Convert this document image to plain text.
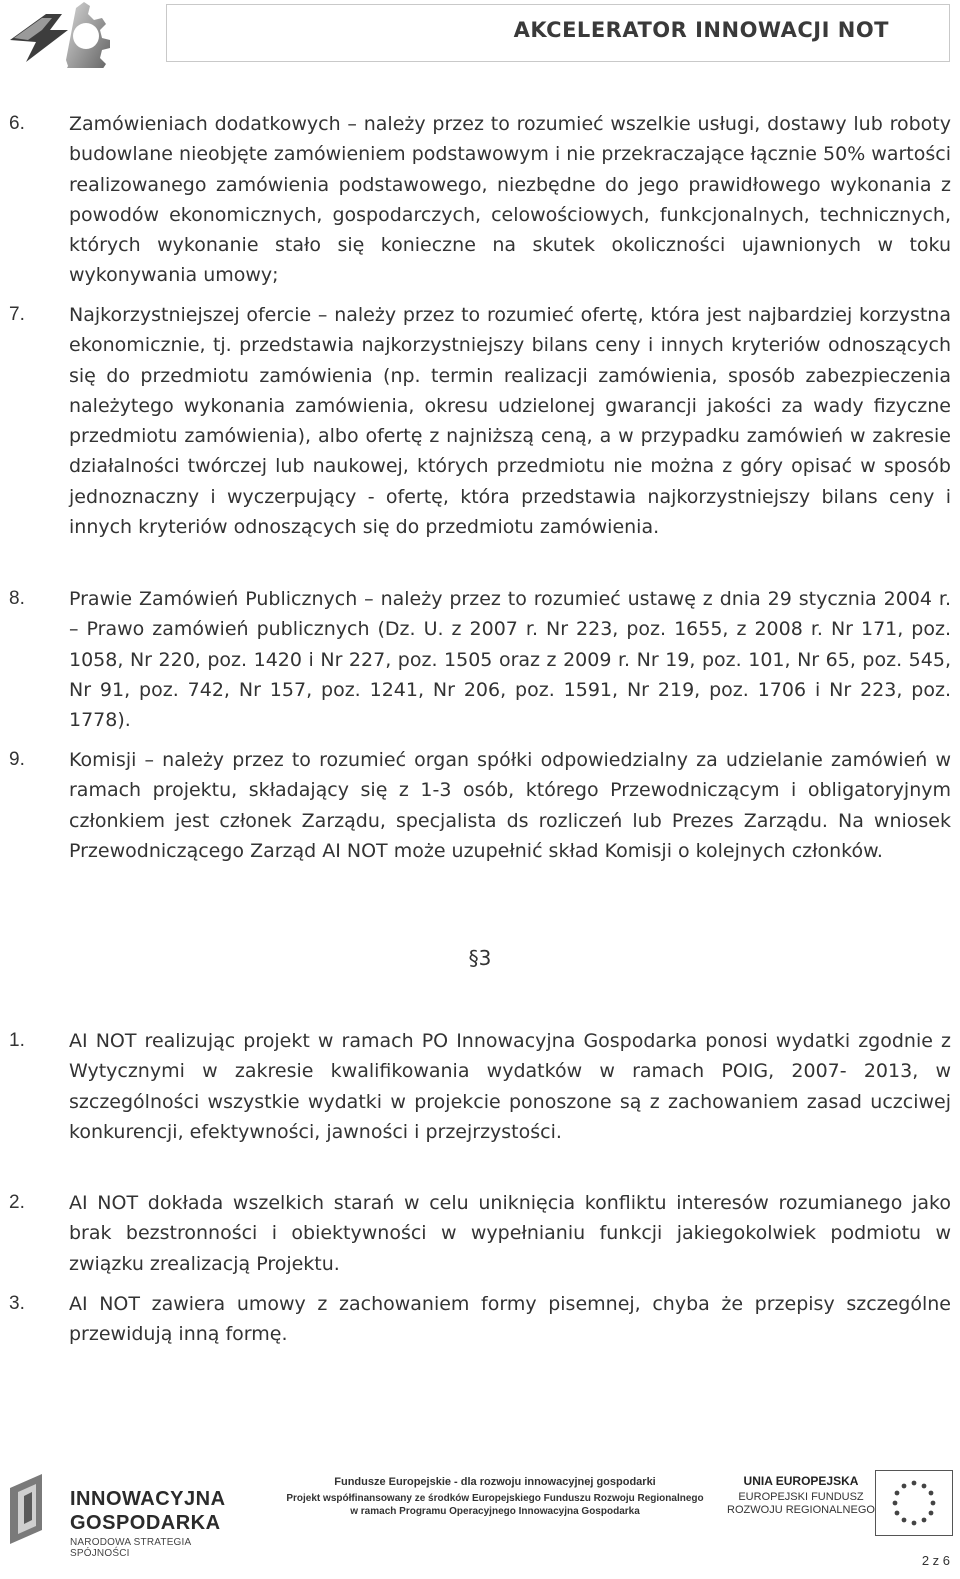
AKCELERATOR INNOWACJI NOT
6. Zamówieniach dodatkowych – należy przez to rozumieć wszelkie usługi, dostawy lub roboty budowlane nieobjęte zamówieniem podstawowym i nie przekraczające łącznie 50% wartości realizowanego zamówienia podstawowego, niezbędne do jego prawidłowego wykonania z powodów ekonomicznych, gospodarczych, celowościowych, funkcjonalnych, technicznych, których wykonanie stało się konieczne na skutek okoliczności ujawnionych w toku wykonywania umowy;
7. Najkorzystniejszej ofercie – należy przez to rozumieć ofertę, która jest najbardziej korzystna ekonomicznie, tj. przedstawia najkorzystniejszy bilans ceny i innych kryteriów odnoszących się do przedmiotu zamówienia (np. termin realizacji zamówienia, sposób zabezpieczenia należytego wykonania zamówienia, okresu udzielonej gwarancji jakości za wady fizyczne przedmiotu zamówienia), albo ofertę z najniższą ceną, a w przypadku zamówień w zakresie działalności twórczej lub naukowej, których przedmiotu nie można z góry opisać w sposób jednoznaczny i wyczerpujący - ofertę, która przedstawia najkorzystniejszy bilans ceny i innych kryteriów odnoszących się do przedmiotu zamówienia.
8. Prawie Zamówień Publicznych – należy przez to rozumieć ustawę z dnia 29 stycznia 2004 r. – Prawo zamówień publicznych (Dz. U. z 2007 r. Nr 223, poz. 1655, z 2008 r. Nr 171, poz. 1058, Nr 220, poz. 1420 i Nr 227, poz. 1505 oraz z 2009 r. Nr 19, poz. 101, Nr 65, poz. 545, Nr 91, poz. 742, Nr 157, poz. 1241, Nr 206, poz. 1591, Nr 219, poz. 1706 i Nr 223, poz. 1778).
9. Komisji – należy przez to rozumieć organ spółki odpowiedzialny za udzielanie zamówień w ramach projektu, składający się z 1-3 osób, którego Przewodniczącym i obligatoryjnym członkiem jest członek Zarządu, specjalista ds rozliczeń lub Prezes Zarządu. Na wniosek Przewodniczącego Zarząd AI NOT może uzupełnić skład Komisji o kolejnych członków.
§3
1. AI NOT realizując projekt w ramach PO Innowacyjna Gospodarka ponosi wydatki zgodnie z Wytycznymi w zakresie kwalifikowania wydatków w ramach POIG, 2007- 2013, w szczególności wszystkie wydatki w projekcie ponoszone są z zachowaniem zasad uczciwej konkurencji, efektywności, jawności i przejrzystości.
2. AI NOT dokłada wszelkich starań w celu uniknięcia konfliktu interesów rozumianego jako brak bezstronności i obiektywności w wypełnianiu funkcji jakiegokolwiek podmiotu w związku zrealizacją Projektu.
3. AI NOT zawiera umowy z zachowaniem formy pisemnej, chyba że przepisy szczególne przewidują inną formę.
INNOWACYJNA
GOSPODARKA
NARODOWA STRATEGIA SPÓJNOŚCI
Fundusze Europejskie - dla rozwoju innowacyjnej gospodarki
Projekt współfinansowany ze środków Europejskiego Funduszu Rozwoju Regionalnego
w ramach Programu Operacyjnego Innowacyjna Gospodarka
UNIA EUROPEJSKA
EUROPEJSKI FUNDUSZ
ROZWOJU REGIONALNEGO
2 z 6
